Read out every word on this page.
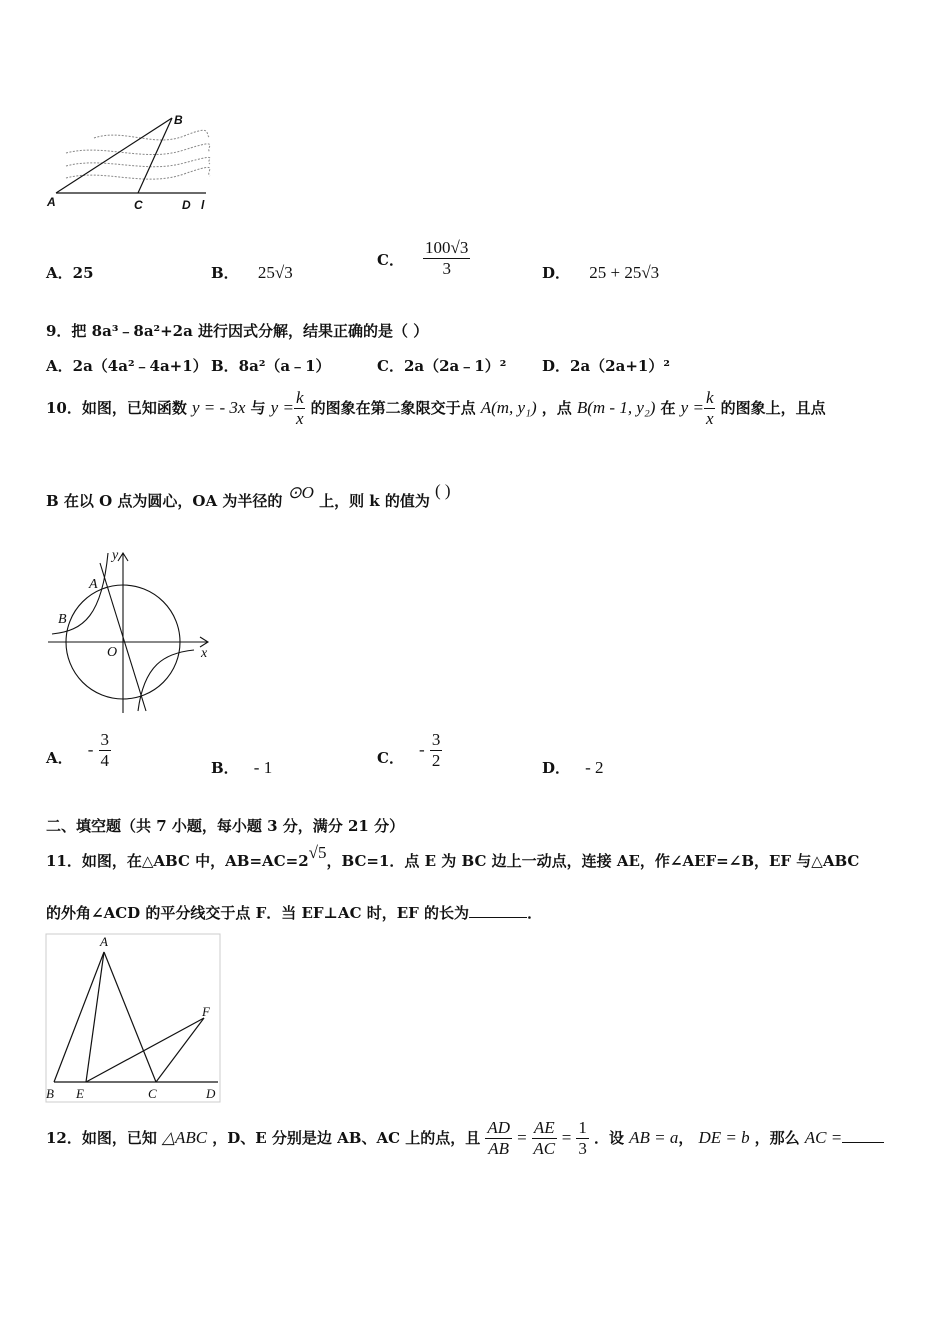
B
A	C	D l
A．25	B． 25√3
C． $\frac{100√3}{3}$	D． 25 + 25√3
9．把 8a³﹣8a²+2a 进行因式分解，结果正确的是（ ）
A．2a（4a²﹣4a+1） B．8a²（a﹣1）	C．2a（2a﹣1）² D．2a（2a+1）²
10．如图，已知函数 y = - 3x 与 $y = \frac{k}{x}$ 的图象在第二象限交于点 A(m, y₁) ，点 B(m - 1, y₂) 在 $y = \frac{k}{x}$ 的图象上，且点
B 在以 O 点为圆心，OA 为半径的 ⊙O 上，则 k 的值为 ( )
y
A
B
O	x
A． - $\frac{3}{4}$	B． - 1	C． - $\frac{3}{2}$	D． - 2
二、填空题（共 7 小题，每小题 3 分，满分 21 分）
11．如图，在△ABC 中，AB=AC=2√5，BC=1．点 E 为 BC 边上一动点，连接 AE，作∠AEF=∠B，EF 与△ABC
的外角∠ACD 的平分线交于点 F．当 EF⊥AC 时，EF 的长为	．
A
F
B E	C	D
12．如图，已知 △ABC ，D、E 分别是边 AB、AC 上的点，且 $\frac{AD}{AB} = \frac{AE}{AC} = \frac{1}{3}$ ．设 AB = a， DE = b ，那么 AC =
